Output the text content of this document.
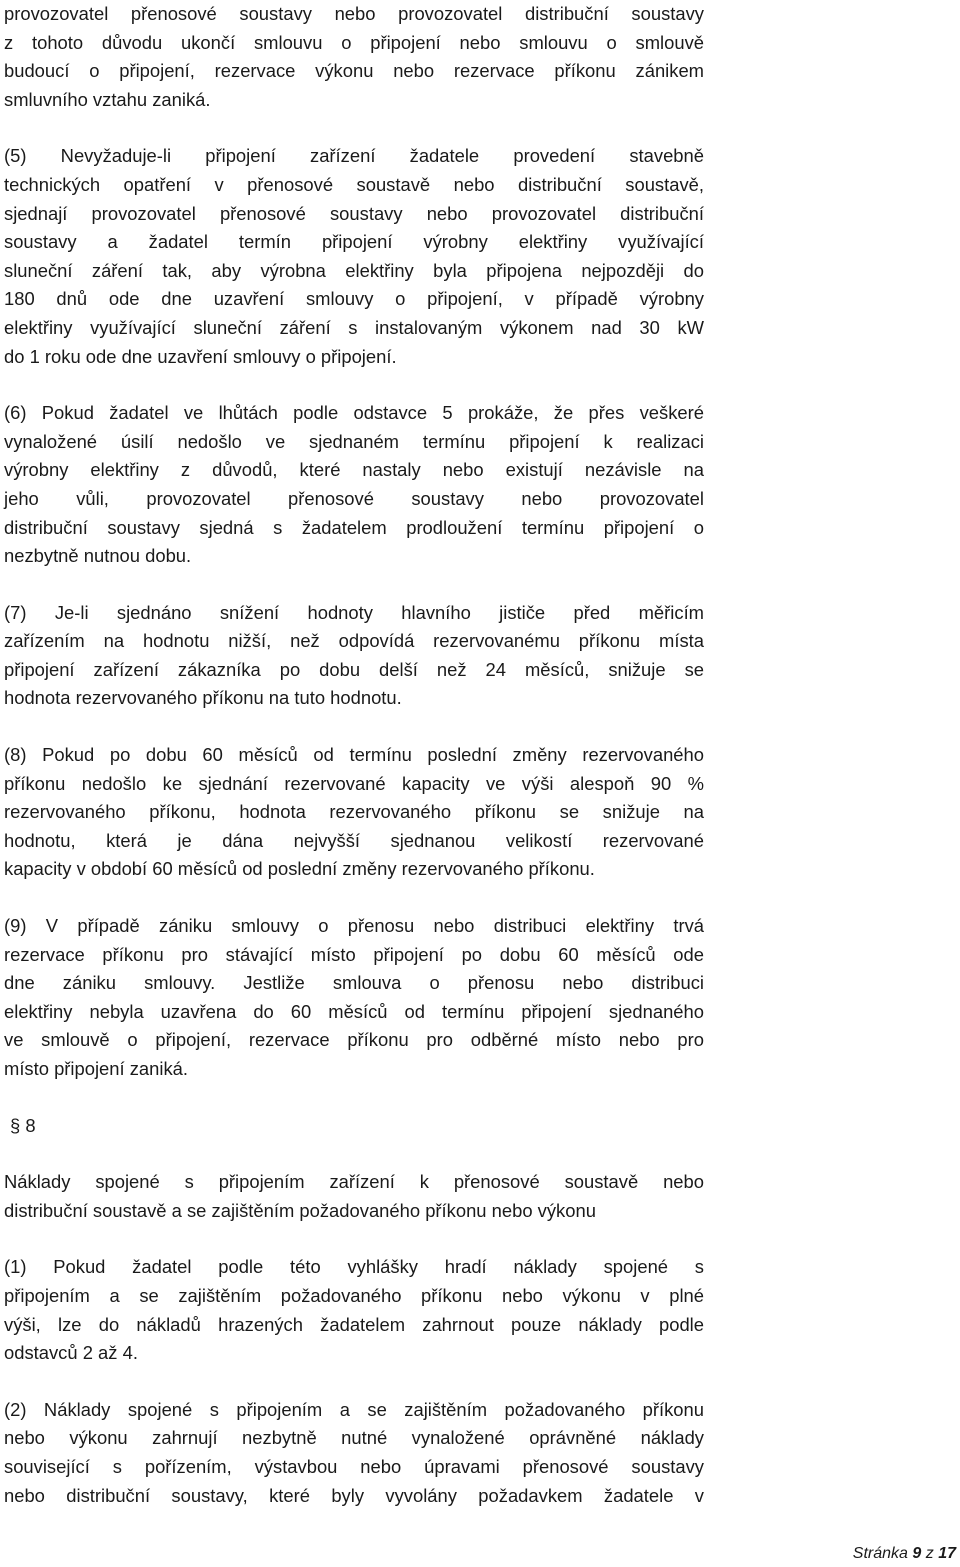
provozovatel přenosové soustavy nebo provozovatel distribuční soustavy
z tohoto důvodu ukončí smlouvu o připojení nebo smlouvu o smlouvě
budoucí o připojení, rezervace výkonu nebo rezervace příkonu zánikem
smluvního vztahu zaniká.
(5) Nevyžaduje-li připojení zařízení žadatele provedení stavebně
technických opatření v přenosové soustavě nebo distribuční soustavě,
sjednají provozovatel přenosové soustavy nebo provozovatel distribuční
soustavy a žadatel termín připojení výrobny elektřiny využívající
sluneční záření tak, aby výrobna elektřiny byla připojena nejpozději do
180 dnů ode dne uzavření smlouvy o připojení, v případě výrobny
elektřiny využívající sluneční záření s instalovaným výkonem nad 30 kW
do 1 roku ode dne uzavření smlouvy o připojení.
(6) Pokud žadatel ve lhůtách podle odstavce 5 prokáže, že přes veškeré
vynaložené úsilí nedošlo ve sjednaném termínu připojení k realizaci
výrobny elektřiny z důvodů, které nastaly nebo existují nezávisle na
jeho vůli, provozovatel přenosové soustavy nebo provozovatel
distribuční soustavy sjedná s žadatelem prodloužení termínu připojení o
nezbytně nutnou dobu.
(7) Je-li sjednáno snížení hodnoty hlavního jističe před měřicím
zařízením na hodnotu nižší, než odpovídá rezervovanému příkonu místa
připojení zařízení zákazníka po dobu delší než 24 měsíců, snižuje se
hodnota rezervovaného příkonu na tuto hodnotu.
(8) Pokud po dobu 60 měsíců od termínu poslední změny rezervovaného
příkonu nedošlo ke sjednání rezervované kapacity ve výši alespoň 90 %
rezervovaného příkonu, hodnota rezervovaného příkonu se snižuje na
hodnotu, která je dána nejvyšší sjednanou velikostí rezervované
kapacity v období 60 měsíců od poslední změny rezervovaného příkonu.
(9) V případě zániku smlouvy o přenosu nebo distribuci elektřiny trvá
rezervace příkonu pro stávající místo připojení po dobu 60 měsíců ode
dne zániku smlouvy. Jestliže smlouva o přenosu nebo distribuci
elektřiny nebyla uzavřena do 60 měsíců od termínu připojení sjednaného
ve smlouvě o připojení, rezervace příkonu pro odběrné místo nebo pro
místo připojení zaniká.
§ 8
Náklady spojené s připojením zařízení k přenosové soustavě nebo
distribuční soustavě a se zajištěním požadovaného příkonu nebo výkonu
(1) Pokud žadatel podle této vyhlášky hradí náklady spojené s
připojením a se zajištěním požadovaného příkonu nebo výkonu v plné
výši, lze do nákladů hrazených žadatelem zahrnout pouze náklady podle
odstavců 2 až 4.
(2) Náklady spojené s připojením a se zajištěním požadovaného příkonu
nebo výkonu zahrnují nezbytně nutné vynaložené oprávněné náklady
související s pořízením, výstavbou nebo úpravami přenosové soustavy
nebo distribuční soustavy, které byly vyvolány požadavkem žadatele v
Stránka 9 z 17
